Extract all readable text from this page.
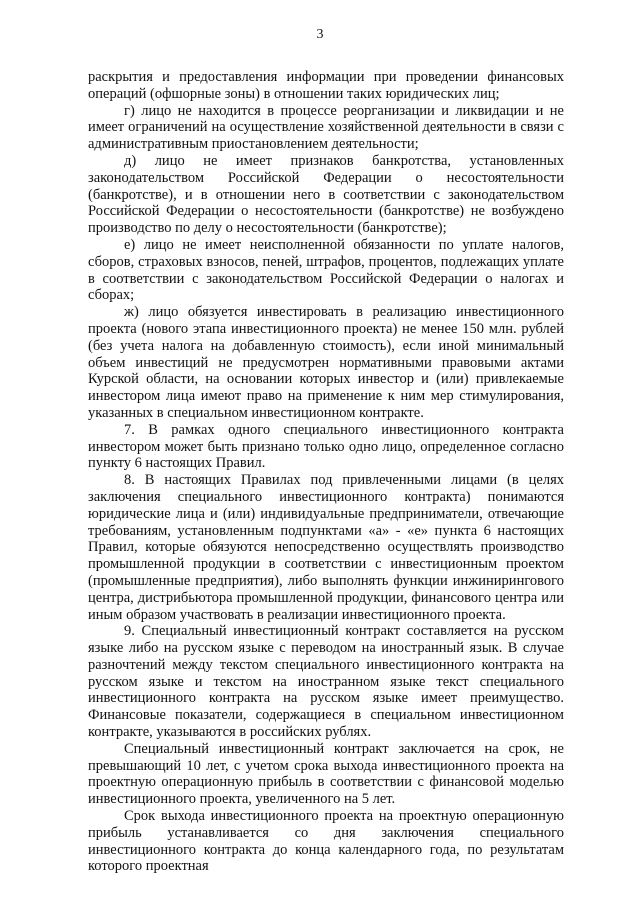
3

раскрытия и предоставления информации при проведении финансовых операций (офшорные зоны) в отношении таких юридических лиц;

г) лицо не находится в процессе реорганизации и ликвидации и не имеет ограничений на осуществление хозяйственной деятельности в связи с административным приостановлением деятельности;

д) лицо не имеет признаков банкротства, установленных законодательством Российской Федерации о несостоятельности (банкротстве), и в отношении него в соответствии с законодательством Российской Федерации о несостоятельности (банкротстве) не возбуждено производство по делу о несостоятельности (банкротстве);

е) лицо не имеет неисполненной обязанности по уплате налогов, сборов, страховых взносов, пеней, штрафов, процентов, подлежащих уплате в соответствии с законодательством Российской Федерации о налогах и сборах;

ж) лицо обязуется инвестировать в реализацию инвестиционного проекта (нового этапа инвестиционного проекта) не менее 150 млн. рублей (без учета налога на добавленную стоимость), если иной минимальный объем инвестиций не предусмотрен нормативными правовыми актами Курской области, на основании которых инвестор и (или) привлекаемые инвестором лица имеют право на применение к ним мер стимулирования, указанных в специальном инвестиционном контракте.

7. В рамках одного специального инвестиционного контракта инвестором может быть признано только одно лицо, определенное согласно пункту 6 настоящих Правил.

8. В настоящих Правилах под привлеченными лицами (в целях заключения специального инвестиционного контракта) понимаются юридические лица и (или) индивидуальные предприниматели, отвечающие требованиям, установленным подпунктами «а» - «е» пункта 6 настоящих Правил, которые обязуются непосредственно осуществлять производство промышленной продукции в соответствии с инвестиционным проектом (промышленные предприятия), либо выполнять функции инжинирингового центра, дистрибьютора промышленной продукции, финансового центра или иным образом участвовать в реализации инвестиционного проекта.

9. Специальный инвестиционный контракт составляется на русском языке либо на русском языке с переводом на иностранный язык. В случае разночтений между текстом специального инвестиционного контракта на русском языке и текстом на иностранном языке текст специального инвестиционного контракта на русском языке имеет преимущество. Финансовые показатели, содержащиеся в специальном инвестиционном контракте, указываются в российских рублях.

Специальный инвестиционный контракт заключается на срок, не превышающий 10 лет, с учетом срока выхода инвестиционного проекта на проектную операционную прибыль в соответствии с финансовой моделью инвестиционного проекта, увеличенного на 5 лет.

Срок выхода инвестиционного проекта на проектную операционную прибыль устанавливается со дня заключения специального инвестиционного контракта до конца календарного года, по результатам которого проектная
